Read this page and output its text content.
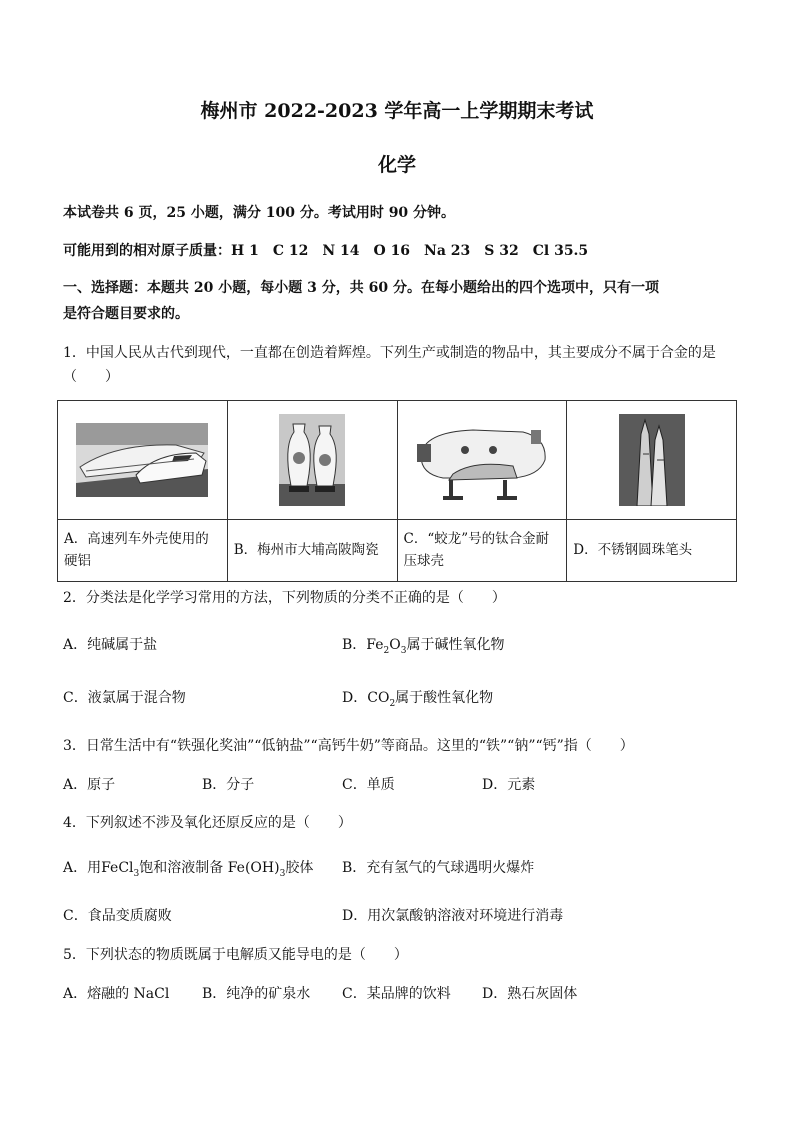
梅州市 2022-2023 学年高一上学期期末考试
化学
本试卷共 6 页，25 小题，满分 100 分。考试用时 90 分钟。
可能用到的相对原子质量：H 1　C 12　N 14　O 16　Na 23　S 32　Cl 35.5
一、选择题：本题共 20 小题，每小题 3 分，共 60 分。在每小题给出的四个选项中，只有一项
是符合题目要求的。
1．中国人民从古代到现代，一直都在创造着辉煌。下列生产或制造的物品中，其主要成分不属于合金的是
（　　）

A．高速列车外壳使用的
硬铝	B．梅州市大埔高陂陶瓷	C．“蛟龙”号的钛合金耐
压球壳	D．不锈钢圆珠笔头
2．分类法是化学学习常用的方法，下列物质的分类不正确的是（　　）
A．纯碱属于盐	B．$Fe_2O_3$属于碱性氧化物
C．液氯属于混合物	D．$CO_2$属于酸性氧化物
3．日常生活中有“铁强化奖油”“低钠盐”“高钙牛奶”等商品。这里的“铁”“钠”“钙”指（　　）
A．原子	B．分子	C．单质	D．元素
4．下列叙述不涉及氧化还原反应的是（　　）
A．用FeCl$_3$饱和溶液制备 $Fe(OH)_3$胶体 B．充有氢气的气球遇明火爆炸
C．食品变质腐败	D．用次氯酸钠溶液对环境进行消毒
5．下列状态的物质既属于电解质又能导电的是（　　）
A．熔融的 NaCl B．纯净的矿泉水 C．某品牌的饮料 D．熟石灰固体
